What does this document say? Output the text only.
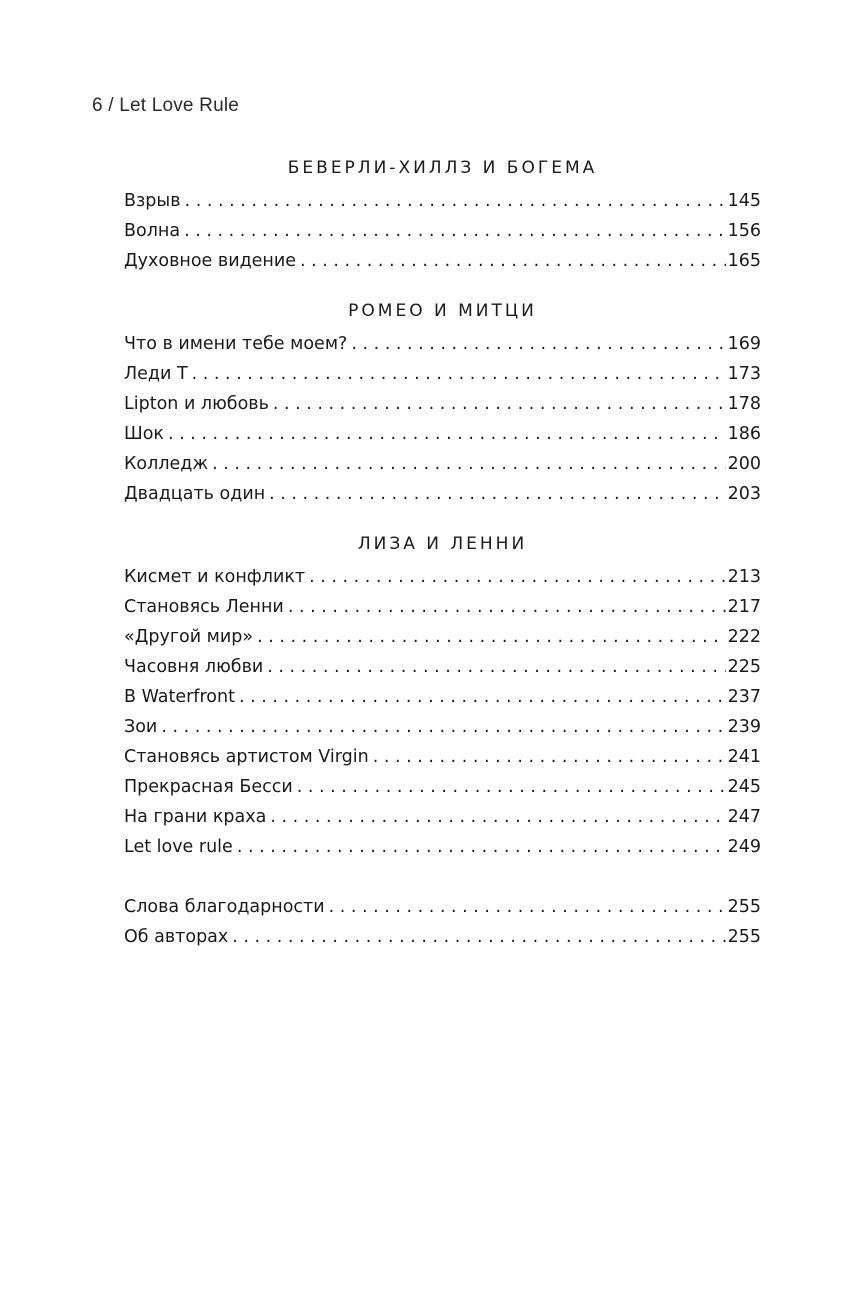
6 / Let Love Rule
БЕВЕРЛИ-ХИЛЛЗ И БОГЕМА
Взрыв . . .	145
Волна . . .	156
Духовное видение . . .	165
РОМЕО И МИТЦИ
Что в имени тебе моем? . . .	169
Леди Т . . .	173
Lipton и любовь . . .	178
Шок . . .	186
Колледж . . .	200
Двадцать один . . .	203
ЛИЗА И ЛЕННИ
Кисмет и конфликт . . .	213
Становясь Ленни . . .	217
«Другой мир» . . .	222
Часовня любви . . .	225
В Waterfront . . .	237
Зои . . .	239
Становясь артистом Virgin . . .	241
Прекрасная Бесси . . .	245
На грани краха . . .	247
Let love rule . . .	249
Слова благодарности . . .	255
Об авторах . . .	255
